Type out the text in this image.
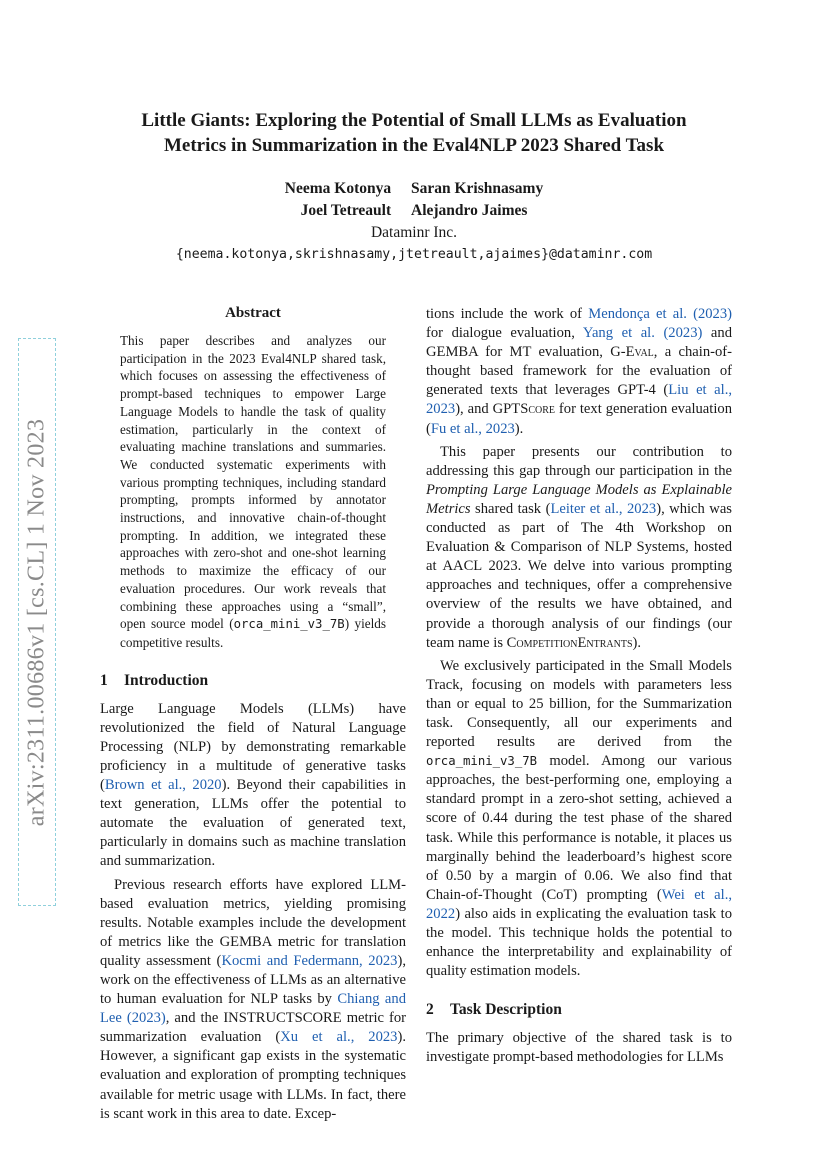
arXiv:2311.00686v1 [cs.CL] 1 Nov 2023
Little Giants: Exploring the Potential of Small LLMs as Evaluation
Metrics in Summarization in the Eval4NLP 2023 Shared Task
Neema Kotonya Saran Krishnasamy
Joel Tetreault Alejandro Jaimes
Dataminr Inc.
{neema.kotonya,skrishnasamy,jtetreault,ajaimes}@dataminr.com
Abstract

This paper describes and analyzes our participation in the 2023 Eval4NLP shared task, which focuses on assessing the effectiveness of prompt-based techniques to empower Large Language Models to handle the task of quality estimation, particularly in the context of evaluating machine translations and summaries. We conducted systematic experiments with various prompting techniques, including standard prompting, prompts informed by annotator instructions, and innovative chain-of-thought prompting. In addition, we integrated these approaches with zero-shot and one-shot learning methods to maximize the efficacy of our evaluation procedures. Our work reveals that combining these approaches using a “small”, open source model (orca_mini_v3_7B) yields competitive results.

1 Introduction

Large Language Models (LLMs) have revolutionized the field of Natural Language Processing (NLP) by demonstrating remarkable proficiency in a multitude of generative tasks (Brown et al., 2020). Beyond their capabilities in text generation, LLMs offer the potential to automate the evaluation of generated text, particularly in domains such as machine translation and summarization.

Previous research efforts have explored LLM-based evaluation metrics, yielding promising results. Notable examples include the development of metrics like the GEMBA metric for translation quality assessment (Kocmi and Federmann, 2023), work on the effectiveness of LLMs as an alternative to human evaluation for NLP tasks by Chiang and Lee (2023), and the INSTRUCTSCORE metric for summarization evaluation (Xu et al., 2023). However, a significant gap exists in the systematic evaluation and exploration of prompting techniques available for metric usage with LLMs. In fact, there is scant work in this area to date. Excep-

tions include the work of Mendonça et al. (2023) for dialogue evaluation, Yang et al. (2023) and GEMBA for MT evaluation, G-Eval, a chain-of-thought based framework for the evaluation of generated texts that leverages GPT-4 (Liu et al., 2023), and GPTScore for text generation evaluation (Fu et al., 2023).

This paper presents our contribution to addressing this gap through our participation in the Prompting Large Language Models as Explainable Metrics shared task (Leiter et al., 2023), which was conducted as part of The 4th Workshop on Evaluation & Comparison of NLP Systems, hosted at AACL 2023. We delve into various prompting approaches and techniques, offer a comprehensive overview of the results we have obtained, and provide a thorough analysis of our findings (our team name is CompetitionEntrants).

We exclusively participated in the Small Models Track, focusing on models with parameters less than or equal to 25 billion, for the Summarization task. Consequently, all our experiments and reported results are derived from the orca_mini_v3_7B model. Among our various approaches, the best-performing one, employing a standard prompt in a zero-shot setting, achieved a score of 0.44 during the test phase of the shared task. While this performance is notable, it places us marginally behind the leaderboard’s highest score of 0.50 by a margin of 0.06. We also find that Chain-of-Thought (CoT) prompting (Wei et al., 2022) also aids in explicating the evaluation task to the model. This technique holds the potential to enhance the interpretability and explainability of quality estimation models.

2 Task Description

The primary objective of the shared task is to investigate prompt-based methodologies for LLMs
